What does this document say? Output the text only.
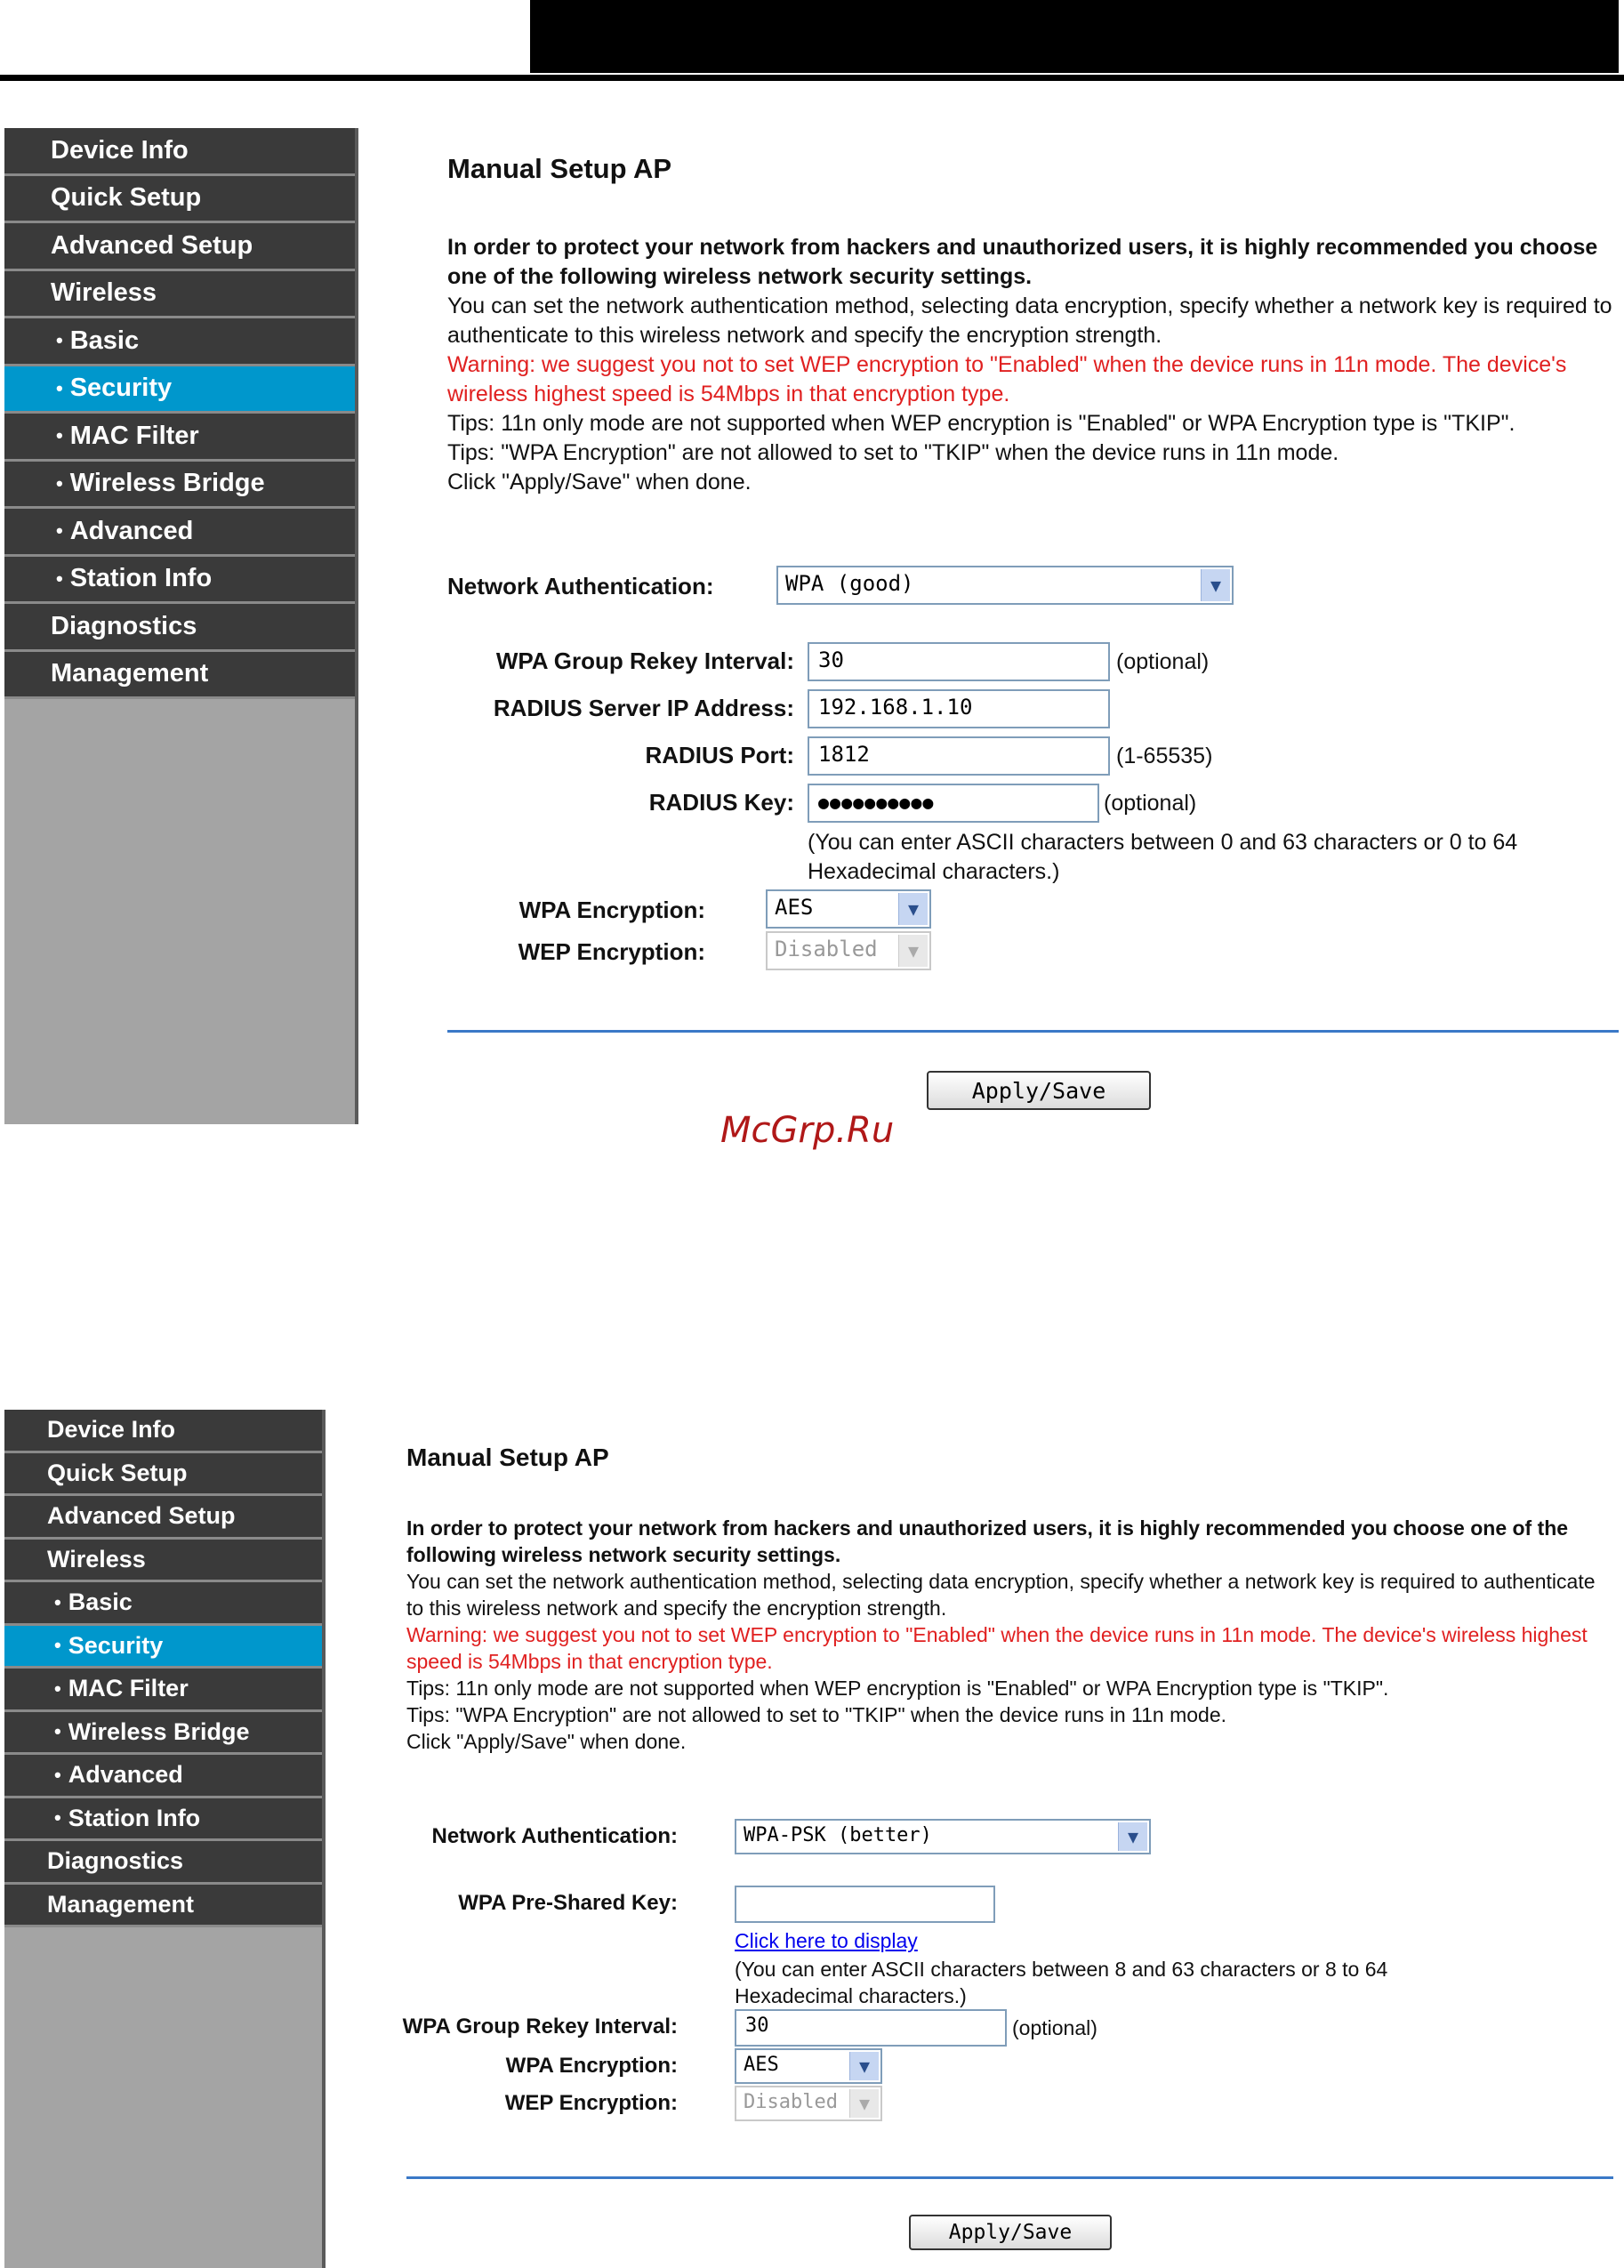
Device Info
Quick Setup
Advanced Setup
Wireless
• Basic
• Security
• MAC Filter
• Wireless Bridge
• Advanced
• Station Info
Diagnostics
Management
Manual Setup AP
In order to protect your network from hackers and unauthorized users, it is highly recommended you choose one of the following wireless network security settings.
You can set the network authentication method, selecting data encryption, specify whether a network key is required to authenticate to this wireless network and specify the encryption strength.
Warning: we suggest you not to set WEP encryption to "Enabled" when the device runs in 11n mode. The device's wireless highest speed is 54Mbps in that encryption type.
Tips: 11n only mode are not supported when WEP encryption is "Enabled" or WPA Encryption type is "TKIP".
Tips: "WPA Encryption" are not allowed to set to "TKIP" when the device runs in 11n mode.
Click "Apply/Save" when done.
Network Authentication:	WPA (good)	▼
WPA Group Rekey Interval:	30	(optional)
RADIUS Server IP Address:	192.168.1.10
RADIUS Port:	1812	(1-65535)
RADIUS Key:	●●●●●●●●●●	(optional)
(You can enter ASCII characters between 0 and 63 characters or 0 to 64 Hexadecimal characters.)
WPA Encryption:	AES	▼
WEP Encryption:	Disabled	▼
Apply/Save
McGrp.Ru
Device Info
Quick Setup
Advanced Setup
Wireless
• Basic
• Security
• MAC Filter
• Wireless Bridge
• Advanced
• Station Info
Diagnostics
Management
Manual Setup AP
In order to protect your network from hackers and unauthorized users, it is highly recommended you choose one of the following wireless network security settings.
You can set the network authentication method, selecting data encryption, specify whether a network key is required to authenticate to this wireless network and specify the encryption strength.
Warning: we suggest you not to set WEP encryption to "Enabled" when the device runs in 11n mode. The device's wireless highest speed is 54Mbps in that encryption type.
Tips: 11n only mode are not supported when WEP encryption is "Enabled" or WPA Encryption type is "TKIP".
Tips: "WPA Encryption" are not allowed to set to "TKIP" when the device runs in 11n mode.
Click "Apply/Save" when done.
Network Authentication:	WPA-PSK (better)	▼
WPA Pre-Shared Key:
Click here to display
(You can enter ASCII characters between 8 and 63 characters or 8 to 64 Hexadecimal characters.)
WPA Group Rekey Interval:	30	(optional)
WPA Encryption:	AES	▼
WEP Encryption:	Disabled	▼
Apply/Save
